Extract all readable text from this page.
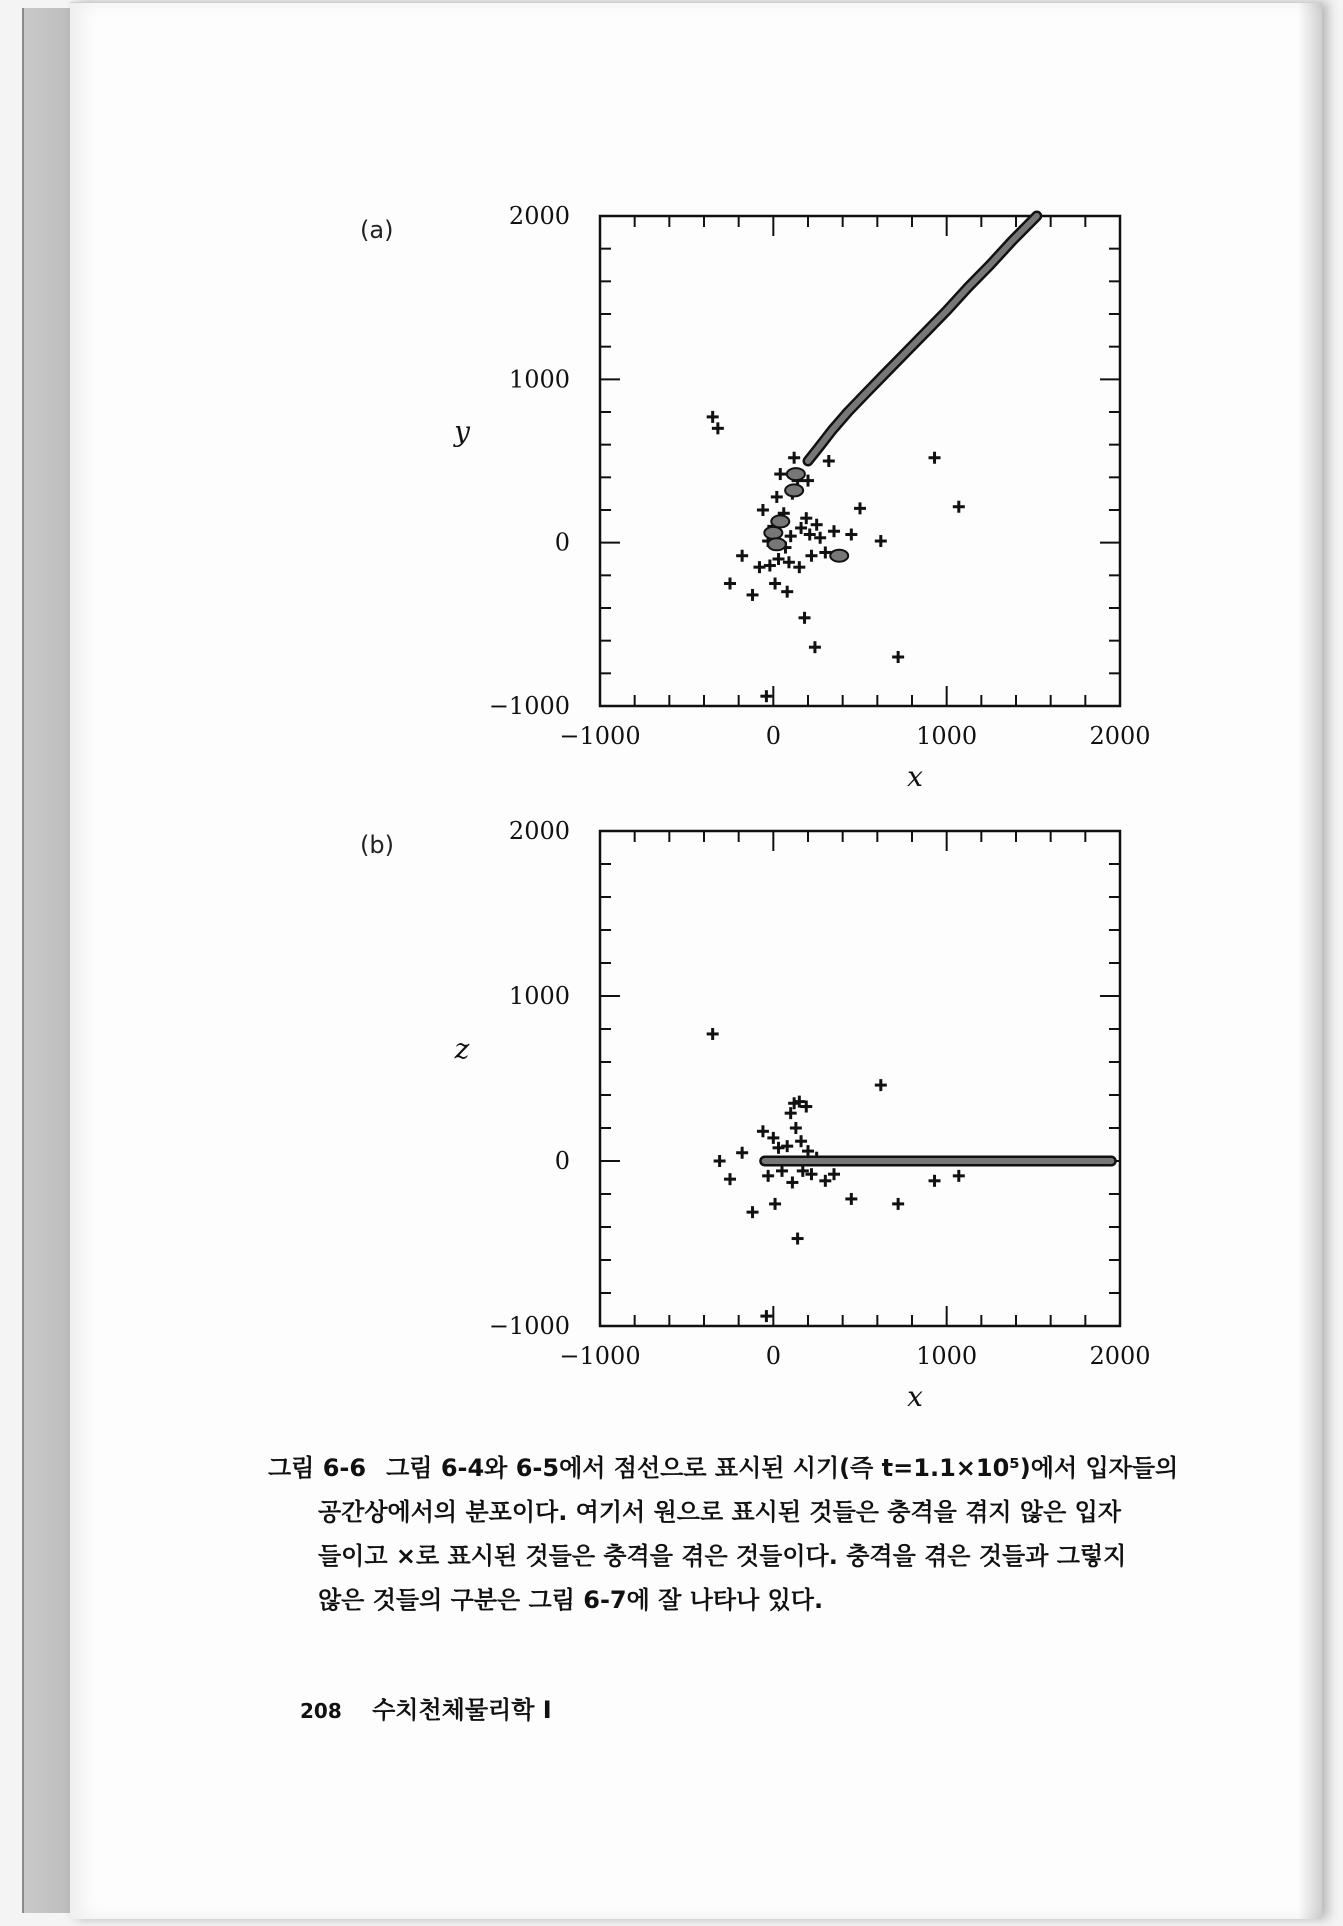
−1000	0	1000	2000
2000
1000
0
−1000
x
y
(a)
−1000	0	1000	2000
2000
1000
0
−1000
x
z
(b)
그림 6-6 그림 6-4와 6-5에서 점선으로 표시된 시기(즉 t=1.1×10⁵)에서 입자들의
공간상에서의 분포이다. 여기서 원으로 표시된 것들은 충격을 겪지 않은 입자
들이고 ×로 표시된 것들은 충격을 겪은 것들이다. 충격을 겪은 것들과 그렇지
않은 것들의 구분은 그림 6-7에 잘 나타나 있다.
208 수치천체물리학 Ⅰ
